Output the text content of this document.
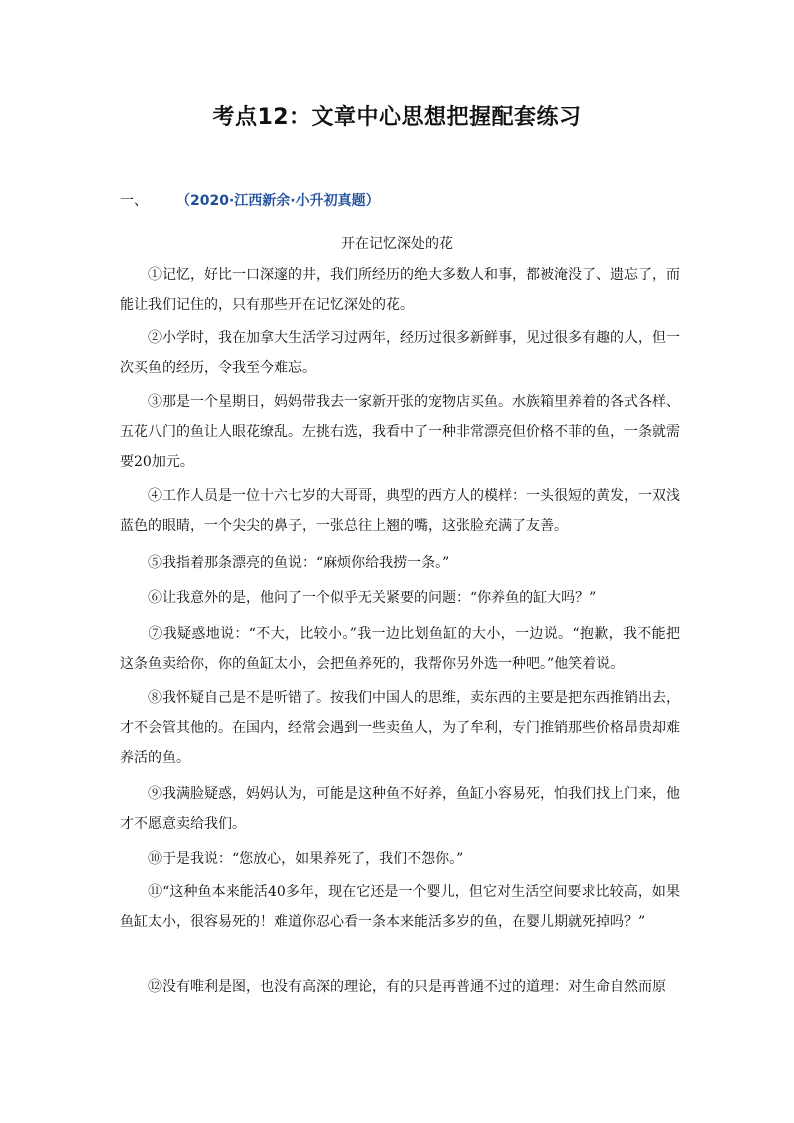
考点12：文章中心思想把握配套练习
一、 （2020·江西新余·小升初真题）
开在记忆深处的花
①记忆，好比一口深邃的井，我们所经历的绝大多数人和事，都被淹没了、遗忘了，而能让我们记住的，只有那些开在记忆深处的花。
②小学时，我在加拿大生活学习过两年，经历过很多新鲜事，见过很多有趣的人，但一次买鱼的经历，令我至今难忘。
③那是一个星期日，妈妈带我去一家新开张的宠物店买鱼。水族箱里养着的各式各样、五花八门的鱼让人眼花缭乱。左挑右选，我看中了一种非常漂亮但价格不菲的鱼，一条就需要20加元。
④工作人员是一位十六七岁的大哥哥，典型的西方人的模样：一头很短的黄发，一双浅蓝色的眼睛，一个尖尖的鼻子，一张总往上翘的嘴，这张脸充满了友善。
⑤我指着那条漂亮的鱼说：“麻烦你给我捞一条。”
⑥让我意外的是，他问了一个似乎无关紧要的问题：“你养鱼的缸大吗？”
⑦我疑惑地说：“不大，比较小。”我一边比划鱼缸的大小，一边说。“抱歉，我不能把这条鱼卖给你，你的鱼缸太小，会把鱼养死的，我帮你另外选一种吧。”他笑着说。
⑧我怀疑自己是不是听错了。按我们中国人的思维，卖东西的主要是把东西推销出去，才不会管其他的。在国内，经常会遇到一些卖鱼人，为了牟利，专门推销那些价格昂贵却难养活的鱼。
⑨我满脸疑惑，妈妈认为，可能是这种鱼不好养，鱼缸小容易死，怕我们找上门来，他才不愿意卖给我们。
⑩于是我说：“您放心，如果养死了，我们不怨你。”
⑪“这种鱼本来能活40多年，现在它还是一个婴儿，但它对生活空间要求比较高，如果鱼缸太小，很容易死的！难道你忍心看一条本来能活多岁的鱼，在婴儿期就死掉吗？”
⑫没有唯利是图，也没有高深的理论，有的只是再普通不过的道理：对生命自然而原
